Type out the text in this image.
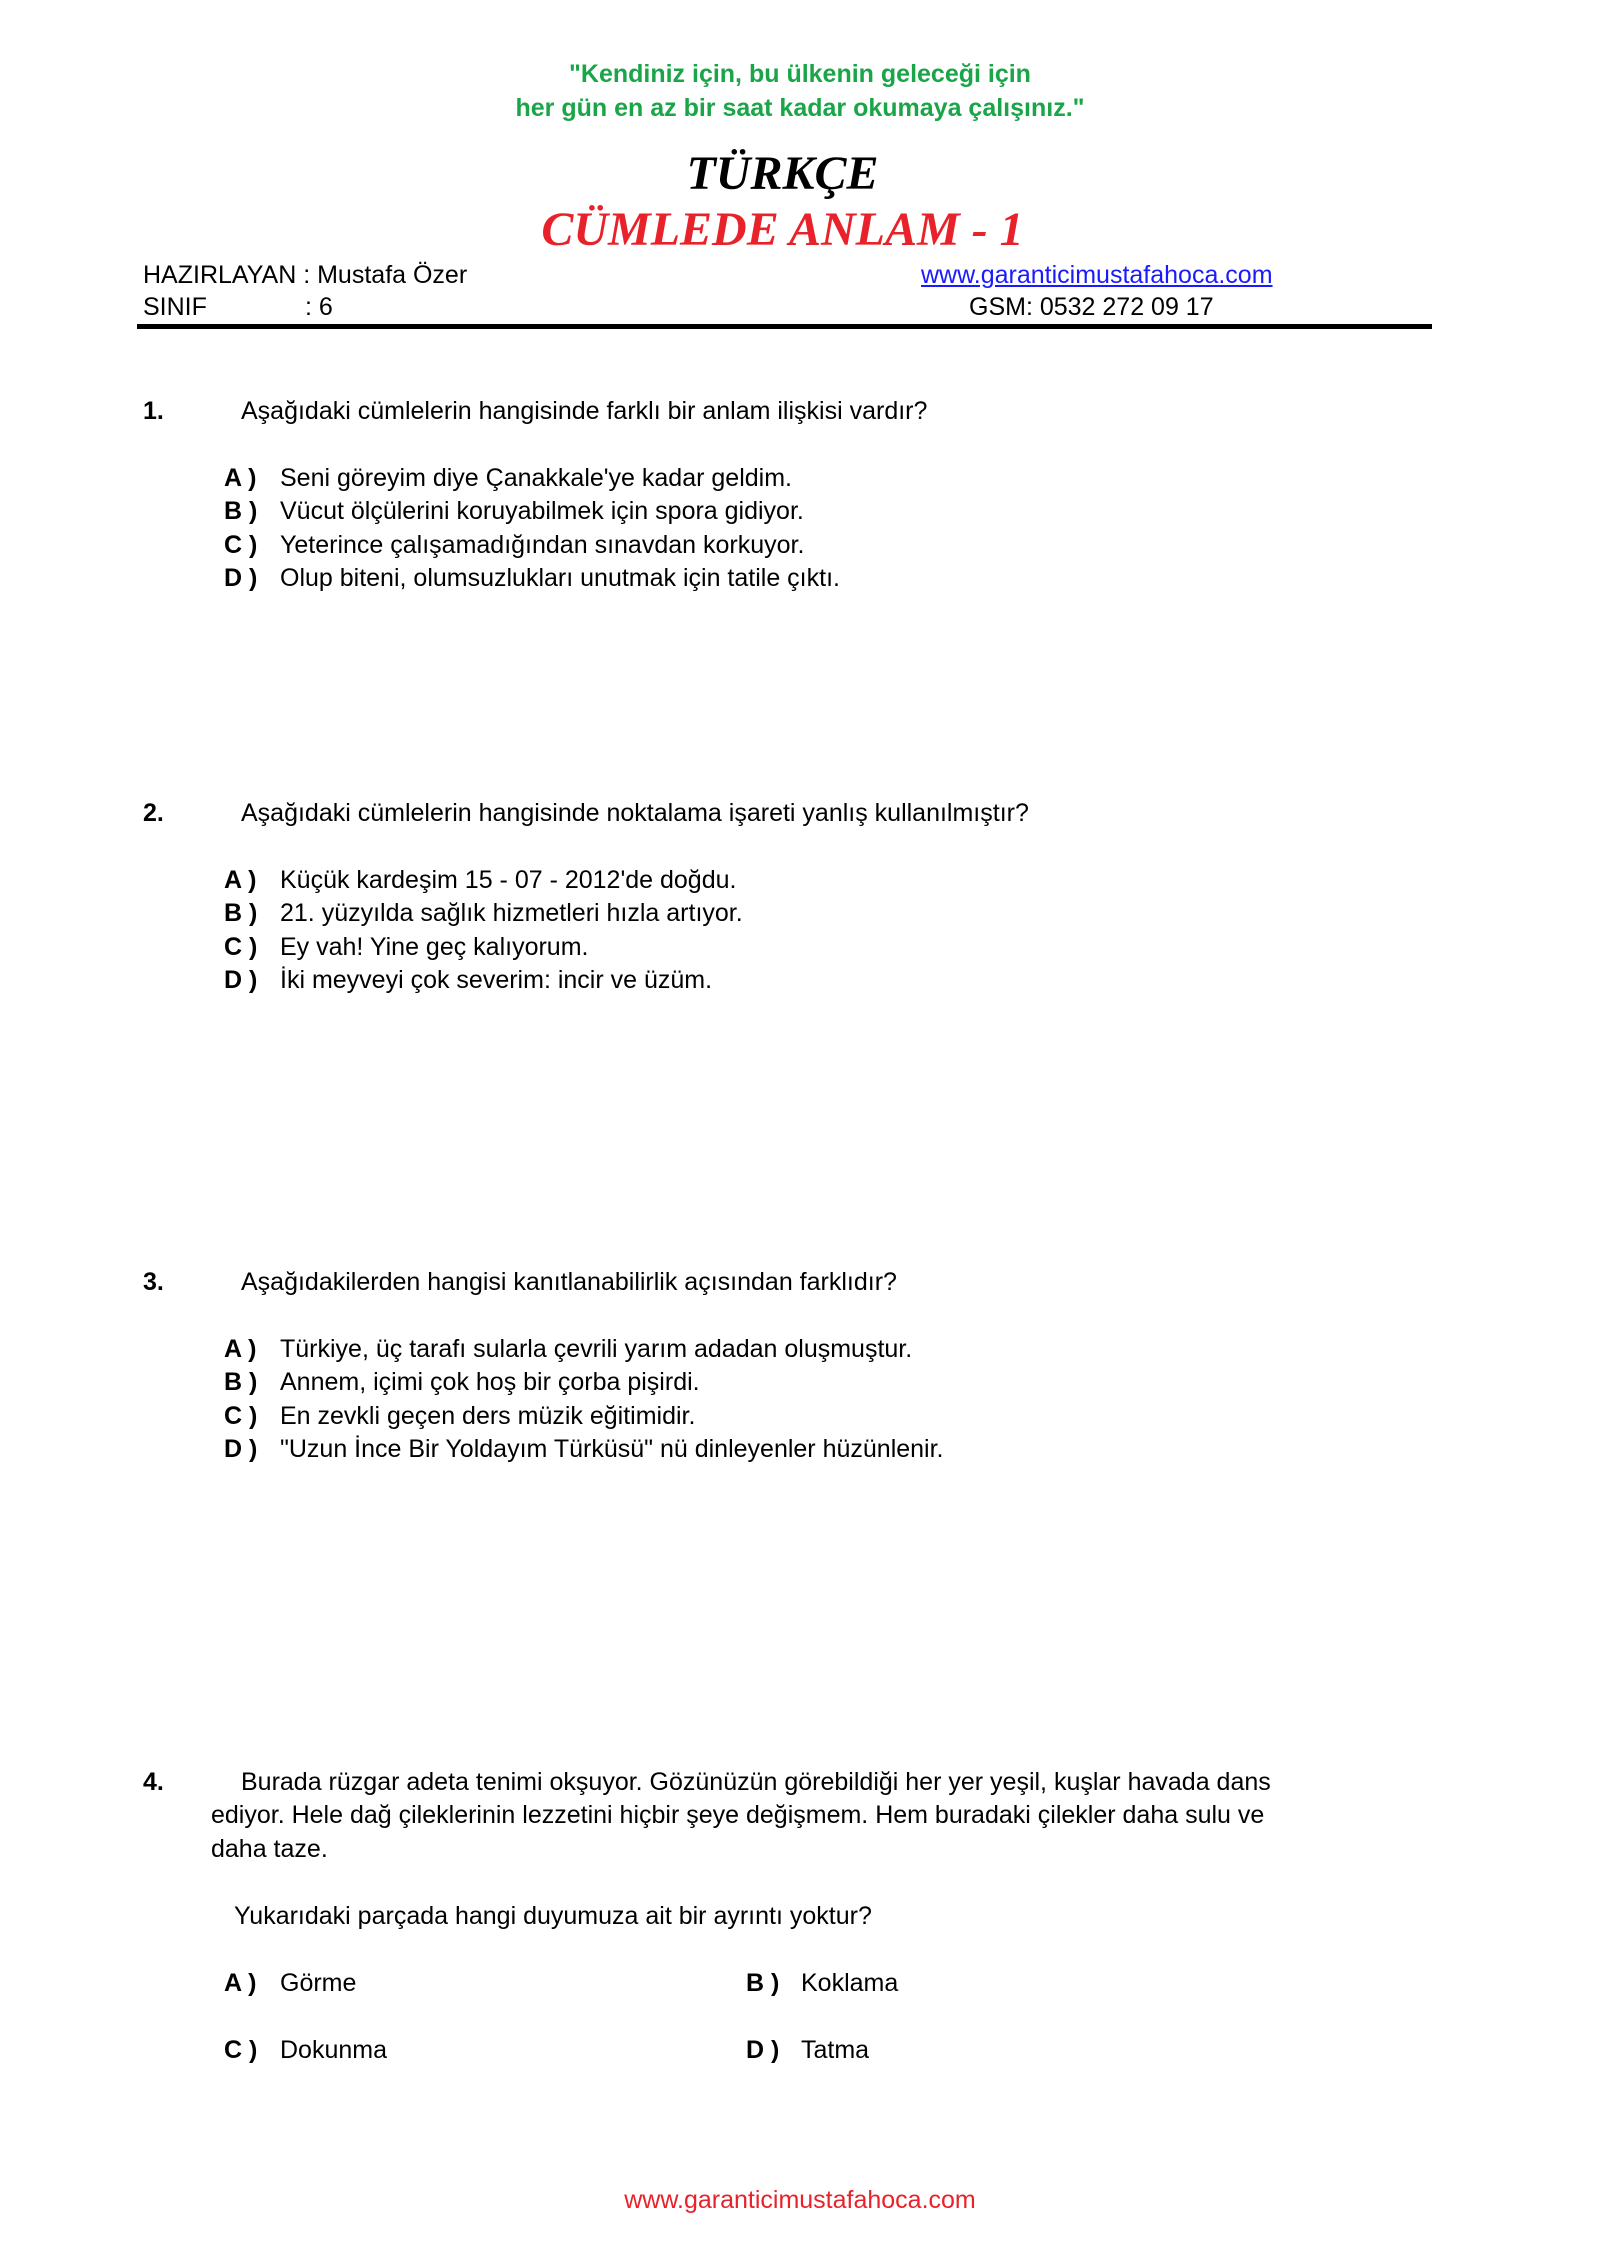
"Kendiniz için, bu ülkenin geleceği için
her gün en az bir saat kadar okumaya çalışınız."
TÜRKÇE
CÜMLEDE ANLAM - 1
HAZIRLAYAN : Mustafa Özer	www.garanticimustafahoca.com
SINIF	: 6	GSM: 0532 272 09 17
1.	Aşağıdaki cümlelerin hangisinde farklı bir anlam ilişkisi vardır?
A ) Seni göreyim diye Çanakkale'ye kadar geldim.
B ) Vücut ölçülerini koruyabilmek için spora gidiyor.
C ) Yeterince çalışamadığından sınavdan korkuyor.
D ) Olup biteni, olumsuzlukları unutmak için tatile çıktı.
2.	Aşağıdaki cümlelerin hangisinde noktalama işareti yanlış kullanılmıştır?
A ) Küçük kardeşim 15 - 07 - 2012'de doğdu.
B ) 21. yüzyılda sağlık hizmetleri hızla artıyor.
C ) Ey vah! Yine geç kalıyorum.
D ) İki meyveyi çok severim: incir ve üzüm.
3.	Aşağıdakilerden hangisi kanıtlanabilirlik açısından farklıdır?
A ) Türkiye, üç tarafı sularla çevrili yarım adadan oluşmuştur.
B ) Annem, içimi çok hoş bir çorba pişirdi.
C ) En zevkli geçen ders müzik eğitimidir.
D ) "Uzun İnce Bir Yoldayım Türküsü" nü dinleyenler hüzünlenir.
4.	Burada rüzgar adeta tenimi okşuyor. Gözünüzün görebildiği her yer yeşil, kuşlar havada dans
ediyor. Hele dağ çileklerinin lezzetini hiçbir şeye değişmem. Hem buradaki çilekler daha sulu ve
daha taze.
Yukarıdaki parçada hangi duyumuza ait bir ayrıntı yoktur?
A ) Görme	B ) Koklama
C ) Dokunma	D ) Tatma
www.garanticimustafahoca.com
